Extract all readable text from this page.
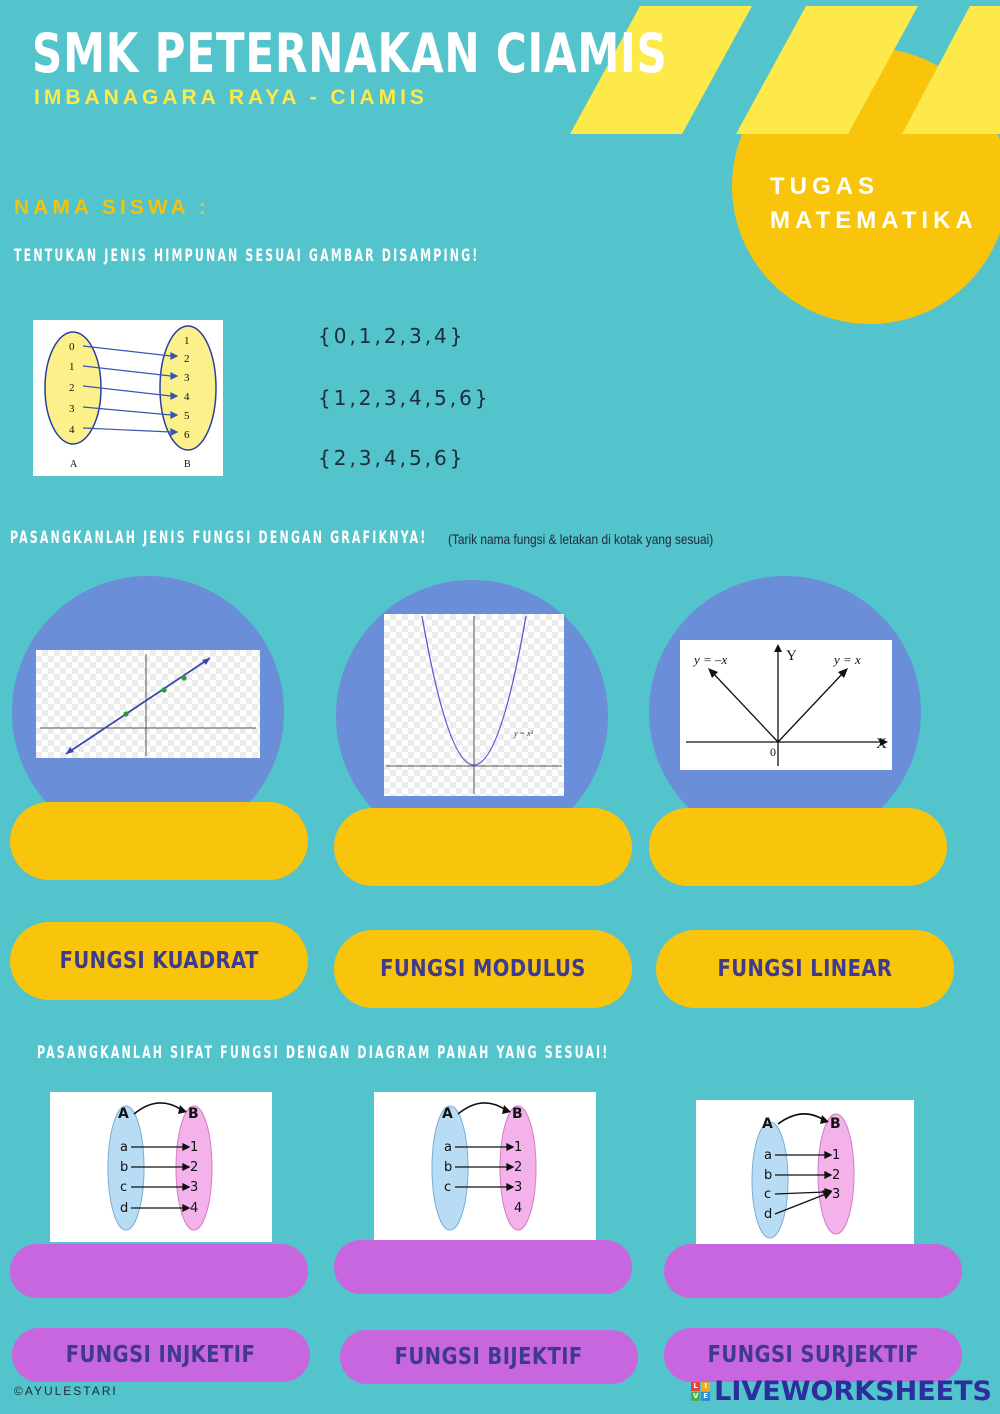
SMK PETERNAKAN CIAMIS
IMBANAGARA RAYA - CIAMIS
TUGAS
MATEMATIKA
NAMA SISWA :
TENTUKAN JENIS HIMPUNAN SESUAI GAMBAR DISAMPING!
0
1
2
3
4
1
2
3
4
5
6
A	B
{0,1,2,3,4}
{1,2,3,4,5,6}
{2,3,4,5,6}
PASANGKANLAH JENIS FUNGSI DENGAN GRAFIKNYA! (Tarik nama fungsi & letakan di kotak yang sesuai)
y = x²
y = –x	y = x
Y
X
0
FUNGSI KUADRAT	FUNGSI MODULUS	FUNGSI LINEAR
PASANGKANLAH SIFAT FUNGSI DENGAN DIAGRAM PANAH YANG SESUAI!
A	B
a
b
c
d
1
2
3
4
A	B
a
b
c
1
2
3
4
A	B
a
b
c
d
1
2
3
FUNGSI INJKETIF	FUNGSI BIJEKTIF	FUNGSI SURJEKTIF
©AYULESTARI	L I
V E LIVEWORKSHEETS
